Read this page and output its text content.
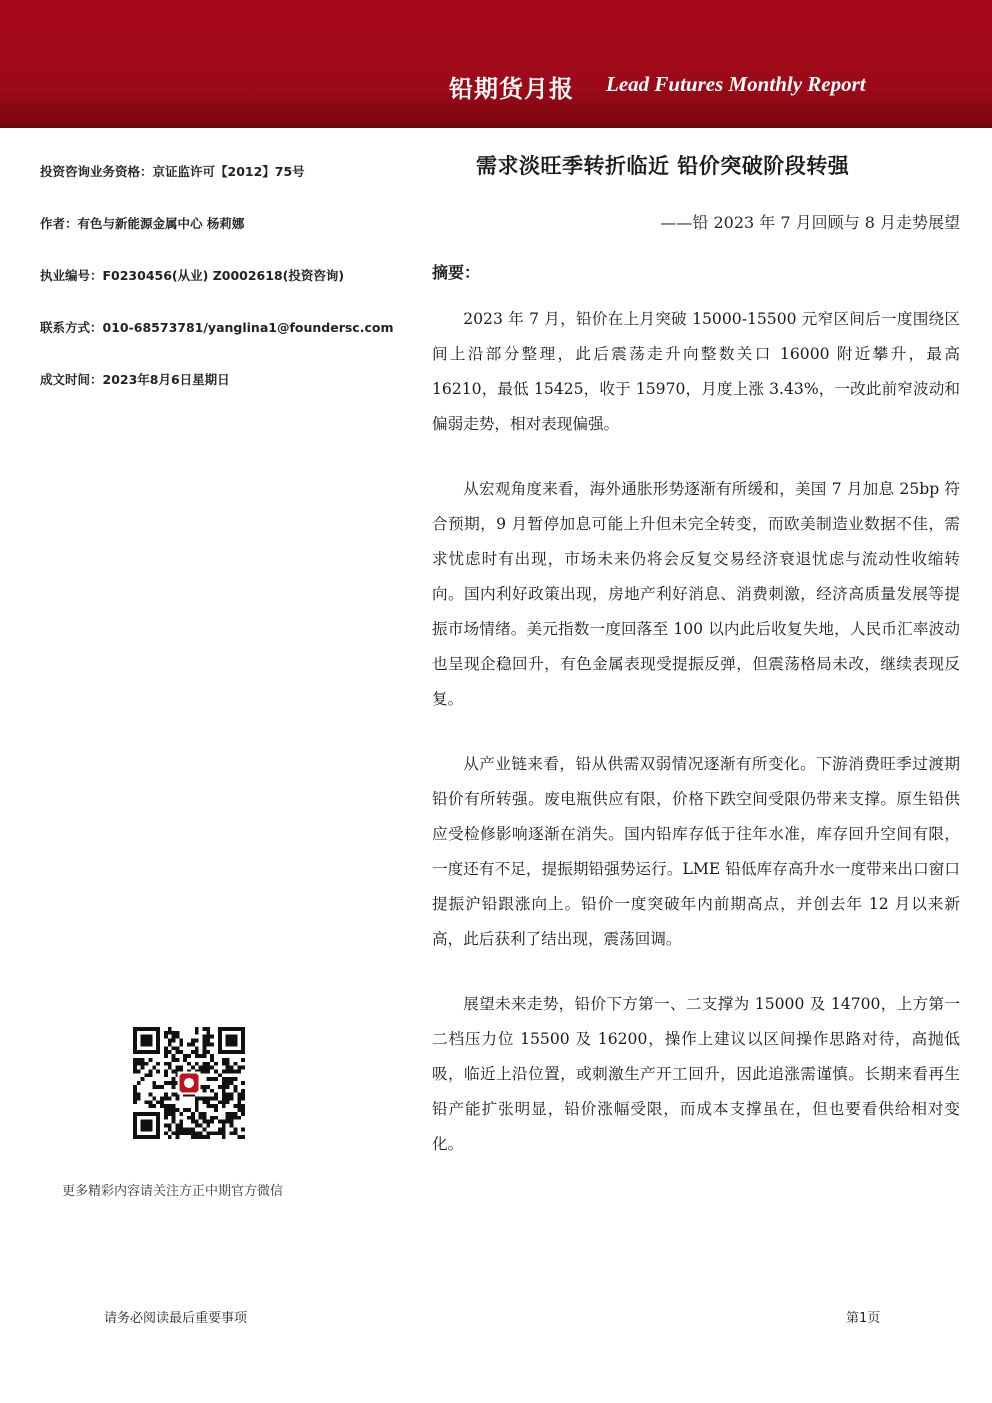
铅期货月报 Lead Futures Monthly Report
投资咨询业务资格：京证监许可【2012】75号
作者：有色与新能源金属中心 杨莉娜
执业编号：F0230456(从业) Z0002618(投资咨询)
联系方式：010-68573781/yanglina1@foundersc.com
成文时间：2023年8月6日星期日
更多精彩内容请关注方正中期官方微信
需求淡旺季转折临近 铅价突破阶段转强
——铅 2023 年 7 月回顾与 8 月走势展望
摘要：

2023 年 7 月，铅价在上月突破 15000-15500 元窄区间后一度围绕区间上沿部分整理，此后震荡走升向整数关口 16000 附近攀升，最高 16210，最低 15425，收于 15970，月度上涨 3.43%，一改此前窄波动和偏弱走势，相对表现偏强。

从宏观角度来看，海外通胀形势逐渐有所缓和，美国 7 月加息 25bp 符合预期，9 月暂停加息可能上升但未完全转变，而欧美制造业数据不佳，需求忧虑时有出现，市场未来仍将会反复交易经济衰退忧虑与流动性收缩转向。国内利好政策出现，房地产利好消息、消费刺激，经济高质量发展等提振市场情绪。美元指数一度回落至 100 以内此后收复失地，人民币汇率波动也呈现企稳回升，有色金属表现受提振反弹，但震荡格局未改，继续表现反复。

从产业链来看，铅从供需双弱情况逐渐有所变化。下游消费旺季过渡期铅价有所转强。废电瓶供应有限，价格下跌空间受限仍带来支撑。原生铅供应受检修影响逐渐在消失。国内铅库存低于往年水准，库存回升空间有限，一度还有不足，提振期铅强势运行。LME 铅低库存高升水一度带来出口窗口提振沪铅跟涨向上。铅价一度突破年内前期高点，并创去年 12 月以来新高，此后获利了结出现，震荡回调。

展望未来走势，铅价下方第一、二支撑为 15000 及 14700，上方第一二档压力位 15500 及 16200，操作上建议以区间操作思路对待，高抛低吸，临近上沿位置，或刺激生产开工回升，因此追涨需谨慎。长期来看再生铅产能扩张明显，铅价涨幅受限，而成本支撑虽在，但也要看供给相对变化。

请务必阅读最后重要事项	第1页
